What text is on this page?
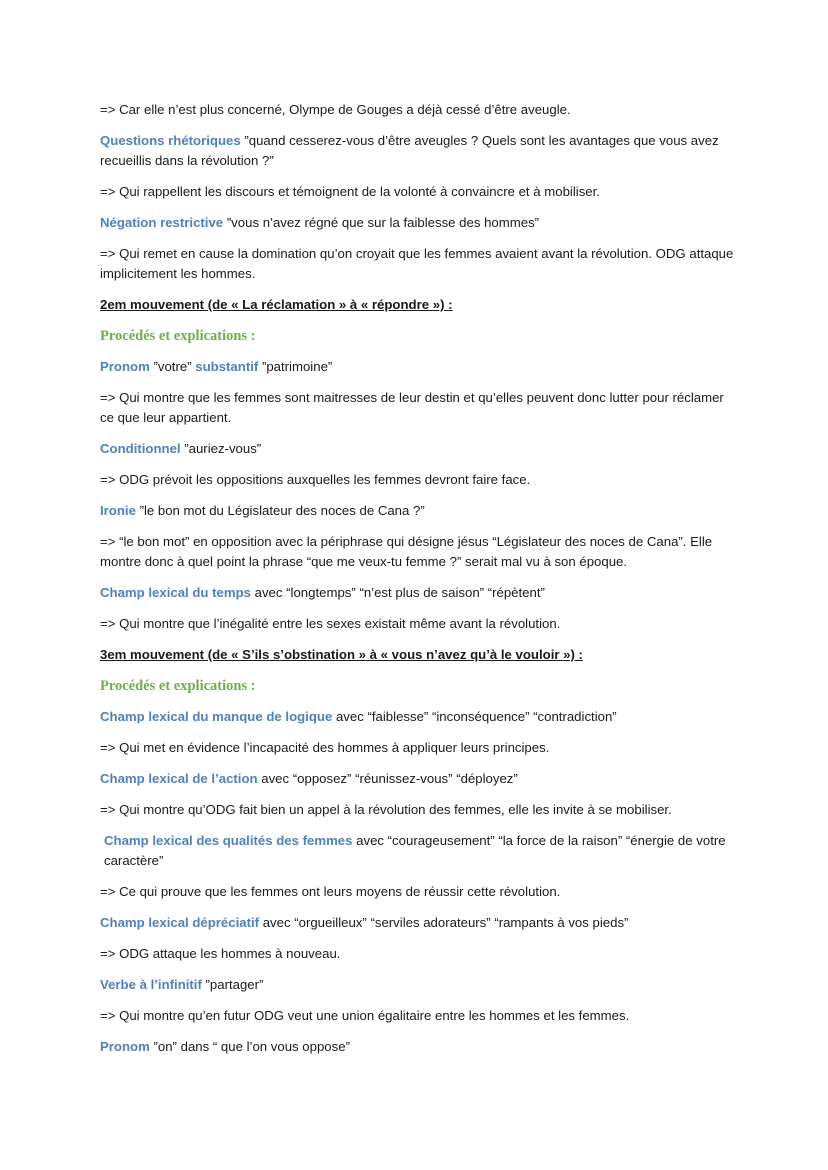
=> Car elle n’est plus concerné, Olympe de Gouges a déjà cessé d’être aveugle.

Questions rhétoriques ”quand cesserez-vous d’être aveugles ? Quels sont les avantages que vous avez recueillis dans la révolution ?”

=> Qui rappellent les discours et témoignent de la volonté à convaincre et à mobiliser.

Négation restrictive ”vous n’avez régné que sur la faiblesse des hommes”

=> Qui remet en cause la domination qu’on croyait que les femmes avaient avant la révolution. ODG attaque implicitement les hommes.

2em mouvement (de « La réclamation » à « répondre ») :

Procédés et explications :

Pronom ”votre” substantif ”patrimoine”

=> Qui montre que les femmes sont maitresses de leur destin et qu’elles peuvent donc lutter pour réclamer ce que leur appartient.

Conditionnel ”auriez-vous”

=> ODG prévoit les oppositions auxquelles les femmes devront faire face.

Ironie ”le bon mot du Législateur des noces de Cana ?”

=> “le bon mot” en opposition avec la périphrase qui désigne jésus “Législateur des noces de Cana”. Elle montre donc à quel point la phrase “que me veux-tu femme ?” serait mal vu à son époque.

Champ lexical du temps avec “longtemps” “n’est plus de saison” “répètent”

=> Qui montre que l’inégalité entre les sexes existait même avant la révolution.

3em mouvement (de « S’ils s’obstination » à « vous n’avez qu’à le vouloir ») :

Procédés et explications :

Champ lexical du manque de logique avec “faiblesse” “inconséquence” “contradiction”

=> Qui met en évidence l’incapacité des hommes à appliquer leurs principes.

Champ lexical de l’action avec “opposez” “réunissez-vous” “déployez”

=> Qui montre qu’ODG fait bien un appel à la révolution des femmes, elle les invite à se mobiliser.

Champ lexical des qualités des femmes avec “courageusement” “la force de la raison” “énergie de votre caractère”

=> Ce qui prouve que les femmes ont leurs moyens de réussir cette révolution.

Champ lexical dépréciatif avec “orgueilleux” “serviles adorateurs” “rampants à vos pieds”

=> ODG attaque les hommes à nouveau.

Verbe à l’infinitif ”partager”

=> Qui montre qu’en futur ODG veut une union égalitaire entre les hommes et les femmes.

Pronom ”on” dans “ que l’on vous oppose”
